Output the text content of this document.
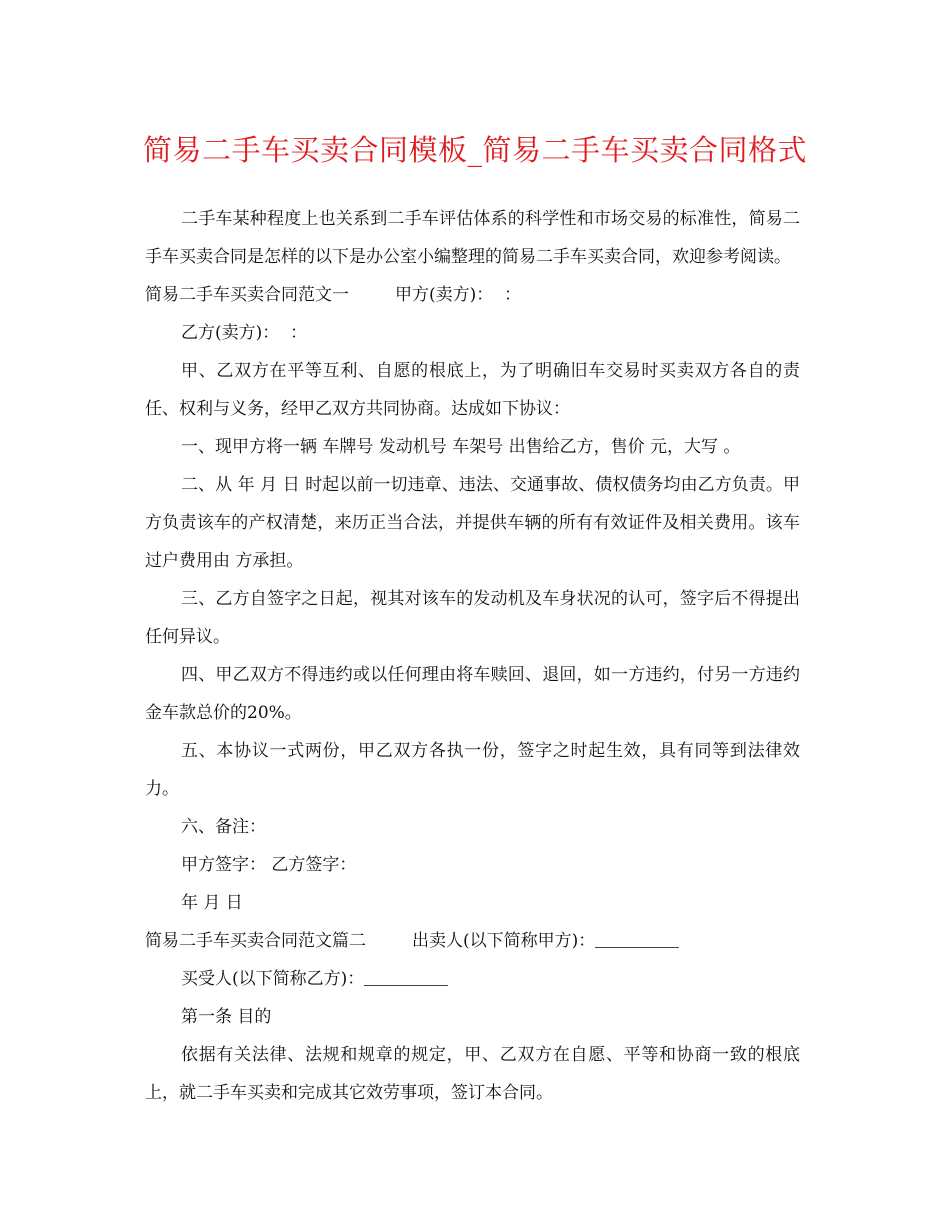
简易二手车买卖合同模板_简易二手车买卖合同格式

二手车某种程度上也关系到二手车评估体系的科学性和市场交易的标准性，简易二手车买卖合同是怎样的以下是办公室小编整理的简易二手车买卖合同，欢迎参考阅读。

简易二手车买卖合同范文一	甲方(卖方)：  ：

乙方(卖方)：  ：

甲、乙双方在平等互利、自愿的根底上，为了明确旧车交易时买卖双方各自的责任、权利与义务，经甲乙双方共同协商。达成如下协议：

一、现甲方将一辆 车牌号 发动机号 车架号 出售给乙方，售价 元，大写 。

二、从 年 月 日 时起以前一切违章、违法、交通事故、债权债务均由乙方负责。甲方负责该车的产权清楚，来历正当合法，并提供车辆的所有有效证件及相关费用。该车过户费用由 方承担。

三、乙方自签字之日起，视其对该车的发动机及车身状况的认可，签字后不得提出任何异议。

四、甲乙双方不得违约或以任何理由将车赎回、退回，如一方违约，付另一方违约金车款总价的20%。

五、本协议一式两份，甲乙双方各执一份，签字之时起生效，具有同等到法律效力。

六、备注：

甲方签字： 乙方签字：

年 月 日

简易二手车买卖合同范文篇二	出卖人(以下简称甲方)：

买受人(以下简称乙方)：

第一条 目的

依据有关法律、法规和规章的规定，甲、乙双方在自愿、平等和协商一致的根底上，就二手车买卖和完成其它效劳事项，签订本合同。
